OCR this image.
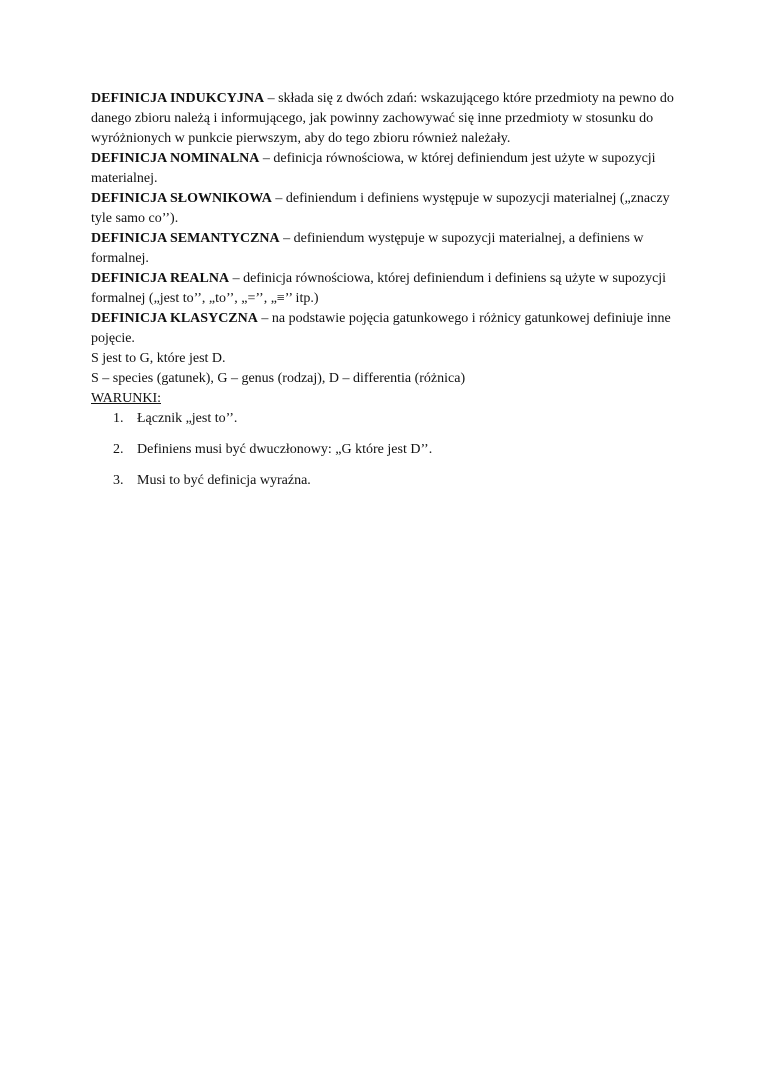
DEFINICJA INDUKCYJNA – składa się z dwóch zdań: wskazującego które przedmioty na pewno do danego zbioru należą i informującego, jak powinny zachowywać się inne przedmioty w stosunku do wyróżnionych w punkcie pierwszym, aby do tego zbioru również należały.

DEFINICJA NOMINALNA – definicja równościowa, w której definiendum jest użyte w supozycji materialnej.

DEFINICJA SŁOWNIKOWA – definiendum i definiens występuje w supozycji materialnej („znaczy tyle samo co’’).

DEFINICJA SEMANTYCZNA – definiendum występuje w supozycji materialnej, a definiens w formalnej.

DEFINICJA REALNA – definicja równościowa, której definiendum i definiens są użyte w supozycji formalnej („jest to’’, „to’’, „=’’, „≡’’ itp.)

DEFINICJA KLASYCZNA – na podstawie pojęcia gatunkowego i różnicy gatunkowej definiuje inne pojęcie.

S jest to G, które jest D.

S – species (gatunek), G – genus (rodzaj), D – differentia (różnica)

WARUNKI:

1. Łącznik „jest to’’.
2. Definiens musi być dwuczłonowy: „G które jest D’’.
3. Musi to być definicja wyraźna.
